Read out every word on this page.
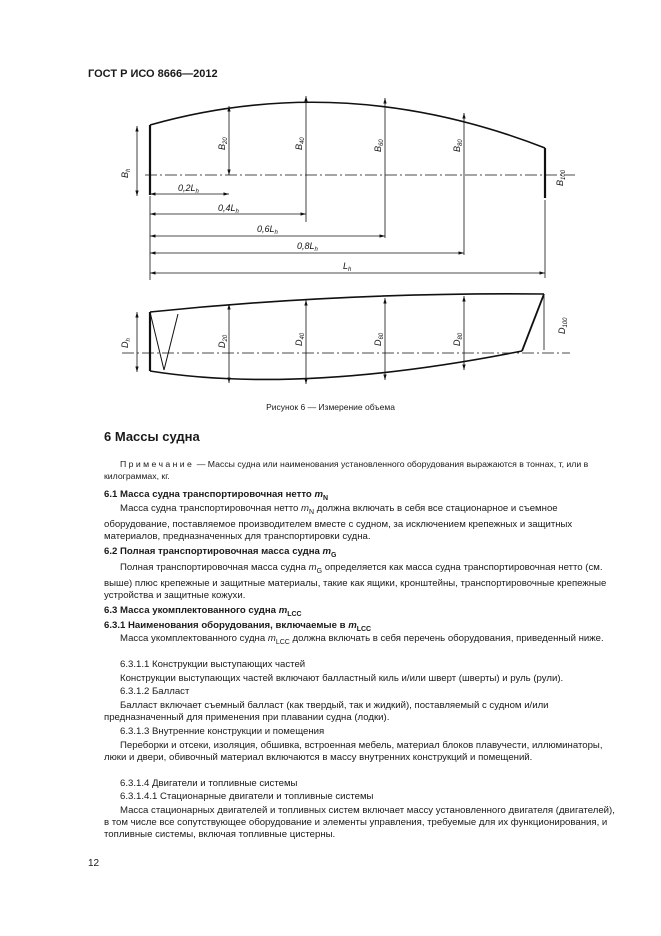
ГОСТ Р ИСО 8666—2012
$B_h$
$B_{20}$
$B_{40}$
$B_{60}$
$B_{80}$
$B_{100}$
$0,2L_h$
$0,4L_h$
$0,6L_h$
$0,8L_h$
$L_h$
$D_h$
$D_{20}$
$D_{40}$
$D_{60}$
$D_{80}$
$D_{100}$
Рисунок 6 — Измерение объема
6 Массы судна
Примечание — Массы судна или наименования установленного оборудования выражаются в тоннах, т, или в килограммах, кг.
6.1 Масса судна транспортировочная нетто $m_N$
Масса судна транспортировочная нетто $m_N$ должна включать в себя все стационарное и съемное оборудование, поставляемое производителем вместе с судном, за исключением крепежных и защитных материалов, предназначенных для транспортировки судна.
6.2 Полная транспортировочная масса судна $m_G$
Полная транспортировочная масса судна $m_G$ определяется как масса судна транспортировочная нетто (см. выше) плюс крепежные и защитные материалы, такие как ящики, кронштейны, транспортировочные крепежные устройства и защитные кожухи.
6.3 Масса укомплектованного судна $m_{LCC}$
6.3.1 Наименования оборудования, включаемые в $m_{LCC}$
Масса укомплектованного судна $m_{LCC}$ должна включать в себя перечень оборудования, приведенный ниже.
6.3.1.1 Конструкции выступающих частей
Конструкции выступающих частей включают балластный киль и/или шверт (шверты) и руль (рули).
6.3.1.2 Балласт
Балласт включает съемный балласт (как твердый, так и жидкий), поставляемый с судном и/или предназначенный для применения при плавании судна (лодки).
6.3.1.3 Внутренние конструкции и помещения
Переборки и отсеки, изоляция, обшивка, встроенная мебель, материал блоков плавучести, иллюминаторы, люки и двери, обивочный материал включаются в массу внутренних конструкций и помещений.
6.3.1.4 Двигатели и топливные системы
6.3.1.4.1 Стационарные двигатели и топливные системы
Масса стационарных двигателей и топливных систем включает массу установленного двигателя (двигателей), в том числе все сопутствующее оборудование и элементы управления, требуемые для их функционирования, и топливные системы, включая топливные цистерны.
12
